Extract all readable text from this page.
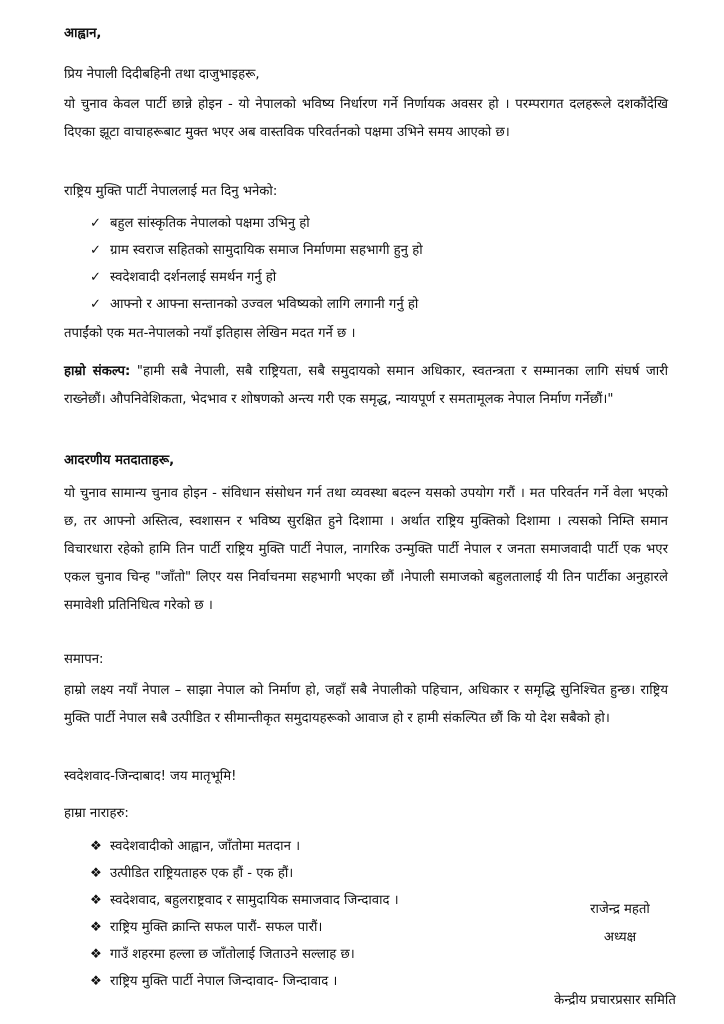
आह्वान,

प्रिय नेपाली दिदीबहिनी तथा दाजुभाइहरू,

यो चुनाव केवल पार्टी छान्ने होइन - यो नेपालको भविष्य निर्धारण गर्ने निर्णायक अवसर हो । परम्परागत दलहरूले दशकौंदेखि दिएका झूटा वाचाहरूबाट मुक्त भएर अब वास्तविक परिवर्तनको पक्षमा उभिने समय आएको छ।

राष्ट्रिय मुक्ति पार्टी नेपाललाई मत दिनु भनेको:

✓ बहुल सांस्कृतिक नेपालको पक्षमा उभिनु हो
✓ ग्राम स्वराज सहितको सामुदायिक समाज निर्माणमा सहभागी हुनु हो
✓ स्वदेशवादी दर्शनलाई समर्थन गर्नु हो
✓ आफ्नो र आफ्ना सन्तानको उज्वल भविष्यको लागि लगानी गर्नु हो

तपाईंको एक मत-नेपालको नयाँ इतिहास लेखिन मदत गर्ने छ ।

हाम्रो संकल्प: "हामी सबै नेपाली, सबै राष्ट्रियता, सबै समुदायको समान अधिकार, स्वतन्त्रता र सम्मानका लागि संघर्ष जारी राख्नेछौं। औपनिवेशिकता, भेदभाव र शोषणको अन्त्य गरी एक समृद्ध, न्यायपूर्ण र समतामूलक नेपाल निर्माण गर्नेछौं।"

आदरणीय मतदाताहरू,

यो चुनाव सामान्य चुनाव होइन - संविधान संसोधन गर्न तथा व्यवस्था बदल्न यसको उपयोग गरौं । मत परिवर्तन गर्ने वेला भएको छ, तर आफ्नो अस्तित्व, स्वशासन र भविष्य सुरक्षित हुने दिशामा । अर्थात राष्ट्रिय मुक्तिको दिशामा । त्यसको निम्ति समान विचारधारा रहेको हामि तिन पार्टी राष्ट्रिय मुक्ति पार्टी नेपाल, नागरिक उन्मुक्ति पार्टी नेपाल र जनता समाजवादी पार्टी एक भएर एकल चुनाव चिन्ह "जाँतो" लिएर यस निर्वाचनमा सहभागी भएका छौं ।नेपाली समाजको बहुलतालाई यी तिन पार्टीका अनुहारले समावेशी प्रतिनिधित्व गरेको छ ।

समापन:

हाम्रो लक्ष्य नयाँ नेपाल – साझा नेपाल को निर्माण हो, जहाँ सबै नेपालीको पहिचान, अधिकार र समृद्धि सुनिश्चित हुन्छ। राष्ट्रिय मुक्ति पार्टी नेपाल सबै उत्पीडित र सीमान्तीकृत समुदायहरूको आवाज हो र हामी संकल्पित छौं कि यो देश सबैको हो।

स्वदेशवाद-जिन्दाबाद! जय मातृभूमि!

हाम्रा नाराहरु:

❖ स्वदेशवादीको आह्वान, जाँतोमा मतदान ।
❖ उत्पीडित राष्ट्रियताहरु एक हौं - एक हौं।
❖ स्वदेशवाद, बहुलराष्ट्रवाद र सामुदायिक समाजवाद जिन्दावाद ।
❖ राष्ट्रिय मुक्ति क्रान्ति सफल पारौं- सफल पारौं।
❖ गाउँ शहरमा हल्ला छ जाँतोलाई जिताउने सल्लाह छ।
❖ राष्ट्रिय मुक्ति पार्टी नेपाल जिन्दावाद- जिन्दावाद ।
राजेन्द्र महतो
अध्यक्ष
केन्द्रीय प्रचारप्रसार समिति
